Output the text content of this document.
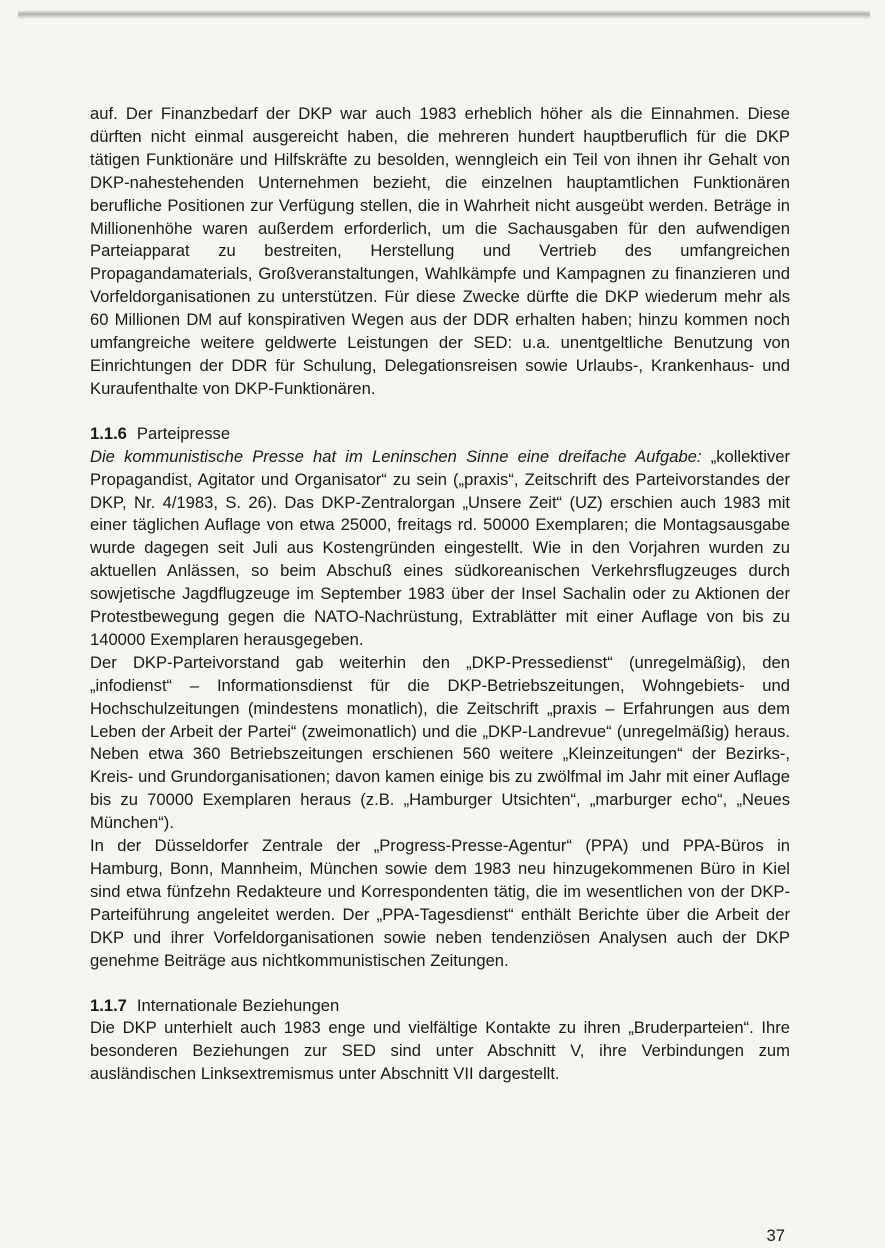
auf. Der Finanzbedarf der DKP war auch 1983 erheblich höher als die Einnahmen. Diese dürften nicht einmal ausgereicht haben, die mehreren hundert hauptberuflich für die DKP tätigen Funktionäre und Hilfskräfte zu besolden, wenngleich ein Teil von ihnen ihr Gehalt von DKP-nahestehenden Unternehmen bezieht, die einzelnen hauptamtlichen Funktionären berufliche Positionen zur Verfügung stellen, die in Wahrheit nicht ausgeübt werden. Beträge in Millionenhöhe waren außerdem erforderlich, um die Sachausgaben für den aufwendigen Parteiapparat zu bestreiten, Herstellung und Vertrieb des umfangreichen Propagandamaterials, Großveranstaltungen, Wahlkämpfe und Kampagnen zu finanzieren und Vorfeldorganisationen zu unterstützen. Für diese Zwecke dürfte die DKP wiederum mehr als 60 Millionen DM auf konspirativen Wegen aus der DDR erhalten haben; hinzu kommen noch umfangreiche weitere geldwerte Leistungen der SED: u.a. unentgeltliche Benutzung von Einrichtungen der DDR für Schulung, Delegationsreisen sowie Urlaubs-, Krankenhaus- und Kuraufenthalte von DKP-Funktionären.

1.1.6 Parteipresse

Die kommunistische Presse hat im Leninschen Sinne eine dreifache Aufgabe: „kollektiver Propagandist, Agitator und Organisator“ zu sein („praxis“, Zeitschrift des Parteivorstandes der DKP, Nr. 4/1983, S. 26). Das DKP-Zentralorgan „Unsere Zeit“ (UZ) erschien auch 1983 mit einer täglichen Auflage von etwa 25000, freitags rd. 50000 Exemplaren; die Montagsausgabe wurde dagegen seit Juli aus Kostengründen eingestellt. Wie in den Vorjahren wurden zu aktuellen Anlässen, so beim Abschuß eines südkoreanischen Verkehrsflugzeuges durch sowjetische Jagdflugzeuge im September 1983 über der Insel Sachalin oder zu Aktionen der Protestbewegung gegen die NATO-Nachrüstung, Extrablätter mit einer Auflage von bis zu 140000 Exemplaren herausgegeben.

Der DKP-Parteivorstand gab weiterhin den „DKP-Pressedienst“ (unregelmäßig), den „infodienst“ – Informationsdienst für die DKP-Betriebszeitungen, Wohngebiets- und Hochschulzeitungen (mindestens monatlich), die Zeitschrift „praxis – Erfahrungen aus dem Leben der Arbeit der Partei“ (zweimonatlich) und die „DKP-Landrevue“ (unregelmäßig) heraus. Neben etwa 360 Betriebszeitungen erschienen 560 weitere „Kleinzeitungen“ der Bezirks-, Kreis- und Grundorganisationen; davon kamen einige bis zu zwölfmal im Jahr mit einer Auflage bis zu 70000 Exemplaren heraus (z.B. „Hamburger Utsichten“, „marburger echo“, „Neues München“).

In der Düsseldorfer Zentrale der „Progress-Presse-Agentur“ (PPA) und PPA-Büros in Hamburg, Bonn, Mannheim, München sowie dem 1983 neu hinzugekommenen Büro in Kiel sind etwa fünfzehn Redakteure und Korrespondenten tätig, die im wesentlichen von der DKP-Parteiführung angeleitet werden. Der „PPA-Tagesdienst“ enthält Berichte über die Arbeit der DKP und ihrer Vorfeldorganisationen sowie neben tendenziösen Analysen auch der DKP genehme Beiträge aus nichtkommunistischen Zeitungen.

1.1.7 Internationale Beziehungen

Die DKP unterhielt auch 1983 enge und vielfältige Kontakte zu ihren „Bruderparteien“. Ihre besonderen Beziehungen zur SED sind unter Abschnitt V, ihre Verbindungen zum ausländischen Linksextremismus unter Abschnitt VII dargestellt.

37
